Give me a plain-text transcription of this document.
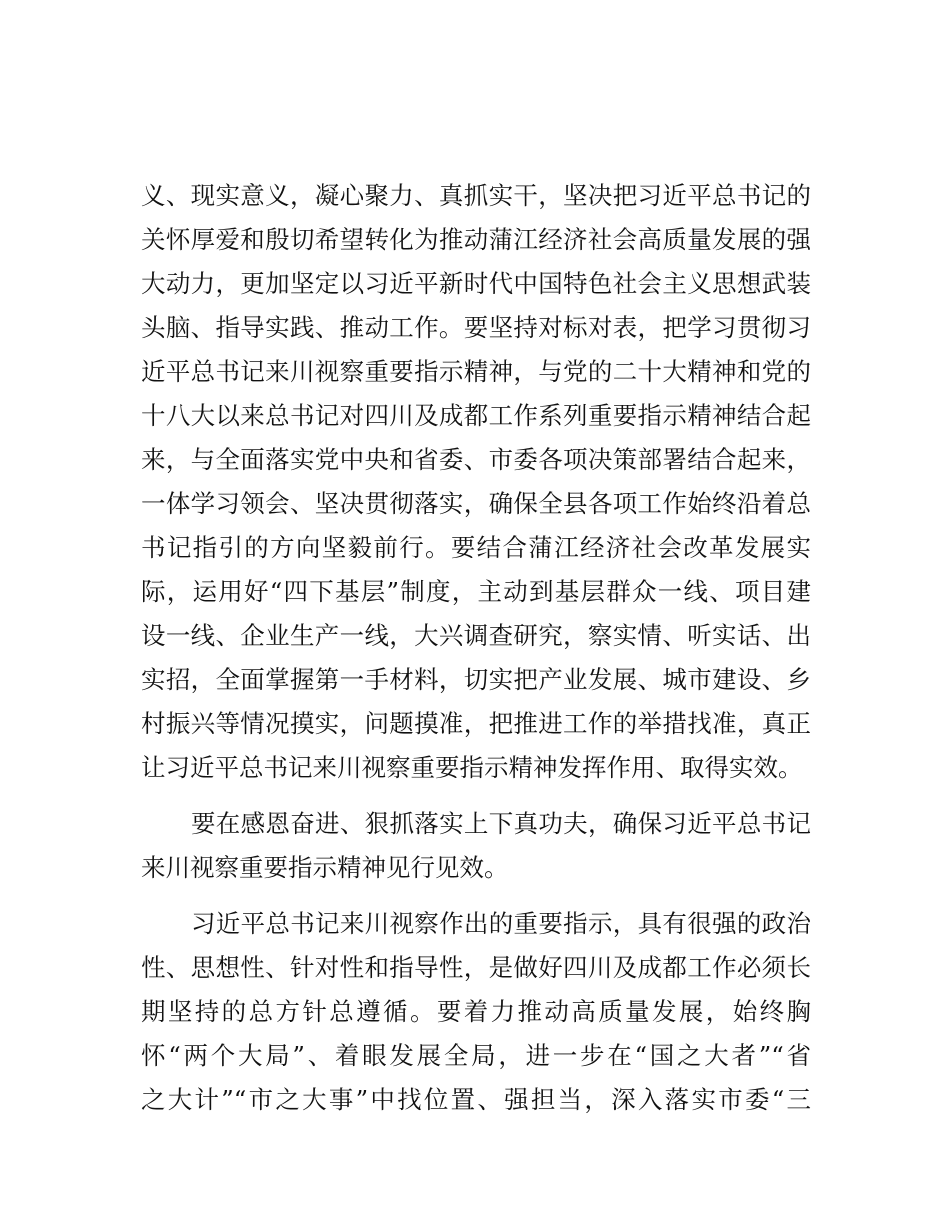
义、现实意义，凝心聚力、真抓实干，坚决把习近平总书记的
关怀厚爱和殷切希望转化为推动蒲江经济社会高质量发展的强
大动力，更加坚定以习近平新时代中国特色社会主义思想武装
头脑、指导实践、推动工作。要坚持对标对表，把学习贯彻习
近平总书记来川视察重要指示精神，与党的二十大精神和党的
十八大以来总书记对四川及成都工作系列重要指示精神结合起
来，与全面落实党中央和省委、市委各项决策部署结合起来，
一体学习领会、坚决贯彻落实，确保全县各项工作始终沿着总
书记指引的方向坚毅前行。要结合蒲江经济社会改革发展实
际，运用好“四下基层”制度，主动到基层群众一线、项目建
设一线、企业生产一线，大兴调查研究，察实情、听实话、出
实招，全面掌握第一手材料，切实把产业发展、城市建设、乡
村振兴等情况摸实，问题摸准，把推进工作的举措找准，真正
让习近平总书记来川视察重要指示精神发挥作用、取得实效。
要在感恩奋进、狠抓落实上下真功夫，确保习近平总书记
来川视察重要指示精神见行见效。
习近平总书记来川视察作出的重要指示，具有很强的政治
性、思想性、针对性和指导性，是做好四川及成都工作必须长
期坚持的总方针总遵循。要着力推动高质量发展，始终胸
怀“两个大局”、着眼发展全局，进一步在“国之大者”“省
之大计”“市之大事”中找位置、强担当，深入落实市委“三
